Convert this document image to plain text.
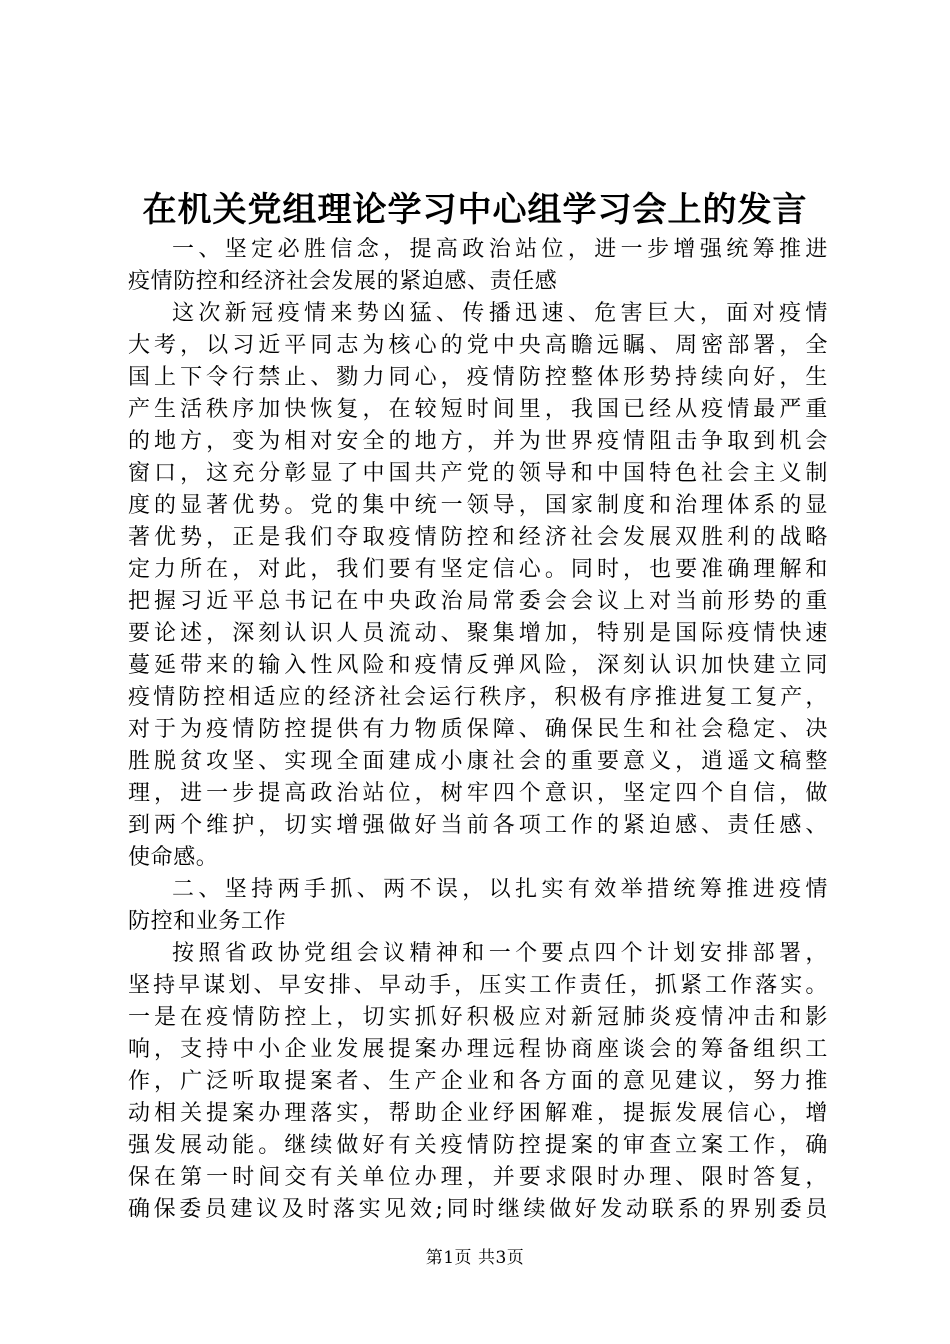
在机关党组理论学习中心组学习会上的发言
一、坚定必胜信念，提高政治站位，进一步增强统筹推进
疫情防控和经济社会发展的紧迫感、责任感
这次新冠疫情来势凶猛、传播迅速、危害巨大，面对疫情
大考，以习近平同志为核心的党中央高瞻远瞩、周密部署，全
国上下令行禁止、勠力同心，疫情防控整体形势持续向好，生
产生活秩序加快恢复，在较短时间里，我国已经从疫情最严重
的地方，变为相对安全的地方，并为世界疫情阻击争取到机会
窗口，这充分彰显了中国共产党的领导和中国特色社会主义制
度的显著优势。党的集中统一领导，国家制度和治理体系的显
著优势，正是我们夺取疫情防控和经济社会发展双胜利的战略
定力所在，对此，我们要有坚定信心。同时，也要准确理解和
把握习近平总书记在中央政治局常委会会议上对当前形势的重
要论述，深刻认识人员流动、聚集增加，特别是国际疫情快速
蔓延带来的输入性风险和疫情反弹风险，深刻认识加快建立同
疫情防控相适应的经济社会运行秩序，积极有序推进复工复产，
对于为疫情防控提供有力物质保障、确保民生和社会稳定、决
胜脱贫攻坚、实现全面建成小康社会的重要意义，逍遥文稿整
理，进一步提高政治站位，树牢四个意识，坚定四个自信，做
到两个维护，切实增强做好当前各项工作的紧迫感、责任感、
使命感。
二、坚持两手抓、两不误，以扎实有效举措统筹推进疫情
防控和业务工作
按照省政协党组会议精神和一个要点四个计划安排部署，
坚持早谋划、早安排、早动手，压实工作责任，抓紧工作落实。
一是在疫情防控上，切实抓好积极应对新冠肺炎疫情冲击和影
响，支持中小企业发展提案办理远程协商座谈会的筹备组织工
作，广泛听取提案者、生产企业和各方面的意见建议，努力推
动相关提案办理落实，帮助企业纾困解难，提振发展信心，增
强发展动能。继续做好有关疫情防控提案的审查立案工作，确
保在第一时间交有关单位办理，并要求限时办理、限时答复，
确保委员建议及时落实见效;同时继续做好发动联系的界别委员
第1页 共3页
